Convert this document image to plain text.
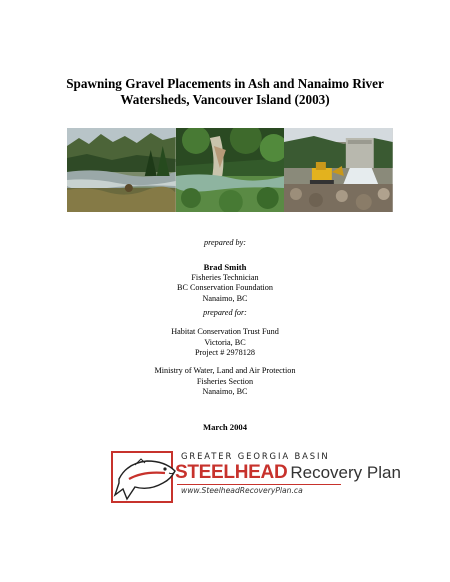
Spawning Gravel Placements in Ash and Nanaimo River
Watersheds, Vancouver Island (2003)
prepared by:
Brad Smith
Fisheries Technician
BC Conservation Foundation
Nanaimo, BC
prepared for:
Habitat Conservation Trust Fund
Victoria, BC
Project # 2978128
Ministry of Water, Land and Air Protection
Fisheries Section
Nanaimo, BC
March 2004
GREATER GEORGIA BASIN
STEELHEAD Recovery Plan
www.SteelheadRecoveryPlan.ca
